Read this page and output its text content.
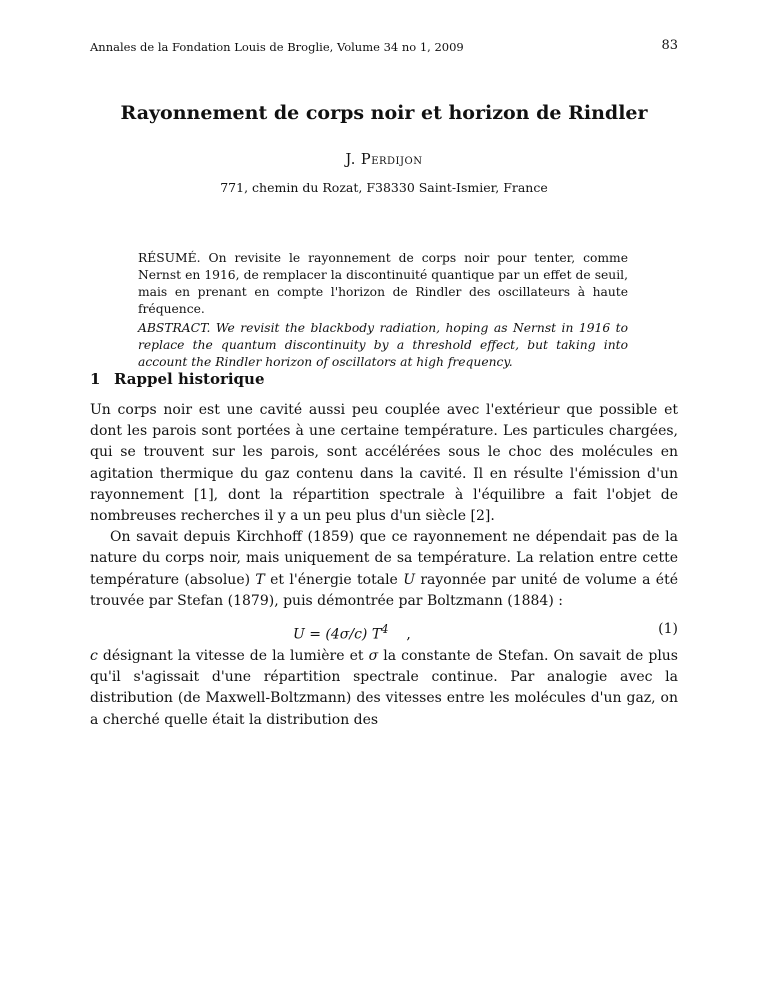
Annales de la Fondation Louis de Broglie, Volume 34 no 1, 2009	83
Rayonnement de corps noir et horizon de Rindler
J. Perdijon
771, chemin du Rozat, F38330 Saint-Ismier, France

RÉSUMÉ. On revisite le rayonnement de corps noir pour tenter, comme Nernst en 1916, de remplacer la discontinuité quantique par un effet de seuil, mais en prenant en compte l'horizon de Rindler des oscillateurs à haute fréquence.

ABSTRACT. We revisit the blackbody radiation, hoping as Nernst in 1916 to replace the quantum discontinuity by a threshold effect, but taking into account the Rindler horizon of oscillators at high frequency.

1 Rappel historique

Un corps noir est une cavité aussi peu couplée avec l'extérieur que possible et dont les parois sont portées à une certaine température. Les particules chargées, qui se trouvent sur les parois, sont accélérées sous le choc des molécules en agitation thermique du gaz contenu dans la cavité. Il en résulte l'émission d'un rayonnement [1], dont la répartition spectrale à l'équilibre a fait l'objet de nombreuses recherches il y a un peu plus d'un siècle [2].

On savait depuis Kirchhoff (1859) que ce rayonnement ne dépendait pas de la nature du corps noir, mais uniquement de sa température. La relation entre cette température (absolue) T et l'énergie totale U rayonnée par unité de volume a été trouvée par Stefan (1879), puis démontrée par Boltzmann (1884) :

U = (4σ/c) $T^4$ ,	(1)

c désignant la vitesse de la lumière et σ la constante de Stefan. On savait de plus qu'il s'agissait d'une répartition spectrale continue. Par analogie avec la distribution (de Maxwell-Boltzmann) des vitesses entre les molécules d'un gaz, on a cherché quelle était la distribution des
